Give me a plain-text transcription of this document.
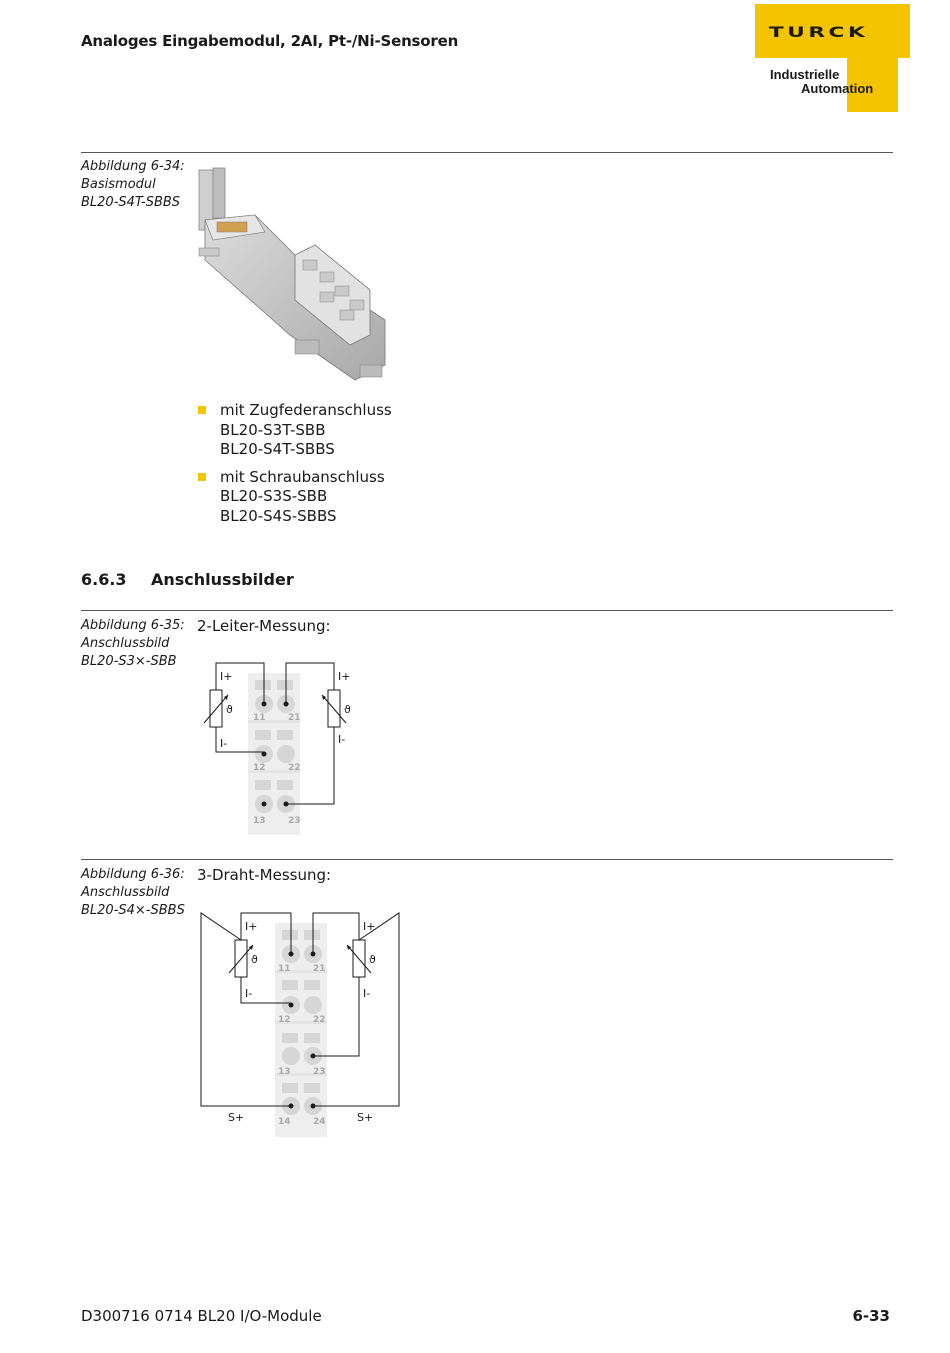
Analoges Eingabemodul, 2AI, Pt-/Ni-Sensoren	TURCK
Industrielle
Automation
Abbildung 6-34:
Basismodul
BL20-S4T-SBBS
mit Zugfederanschluss
BL20-S3T-SBB
BL20-S4T-SBBS
mit Schraubanschluss
BL20-S3S-SBB
BL20-S4S-SBBS
6.6.3 Anschlussbilder
Abbildung 6-35:
Anschlussbild
BL20-S3×-SBB
2-Leiter-Messung:
11 21
12 22
13 23
I+
I-
ϑ
I+
I-
ϑ
Abbildung 6-36:
Anschlussbild
BL20-S4×-SBBS
3-Draht-Messung:
11 21
12 22
13 23
14 24
I+
I-
ϑ
I+
I-
ϑ
S+	S+
D300716 0714 BL20 I/O-Module	6-33
